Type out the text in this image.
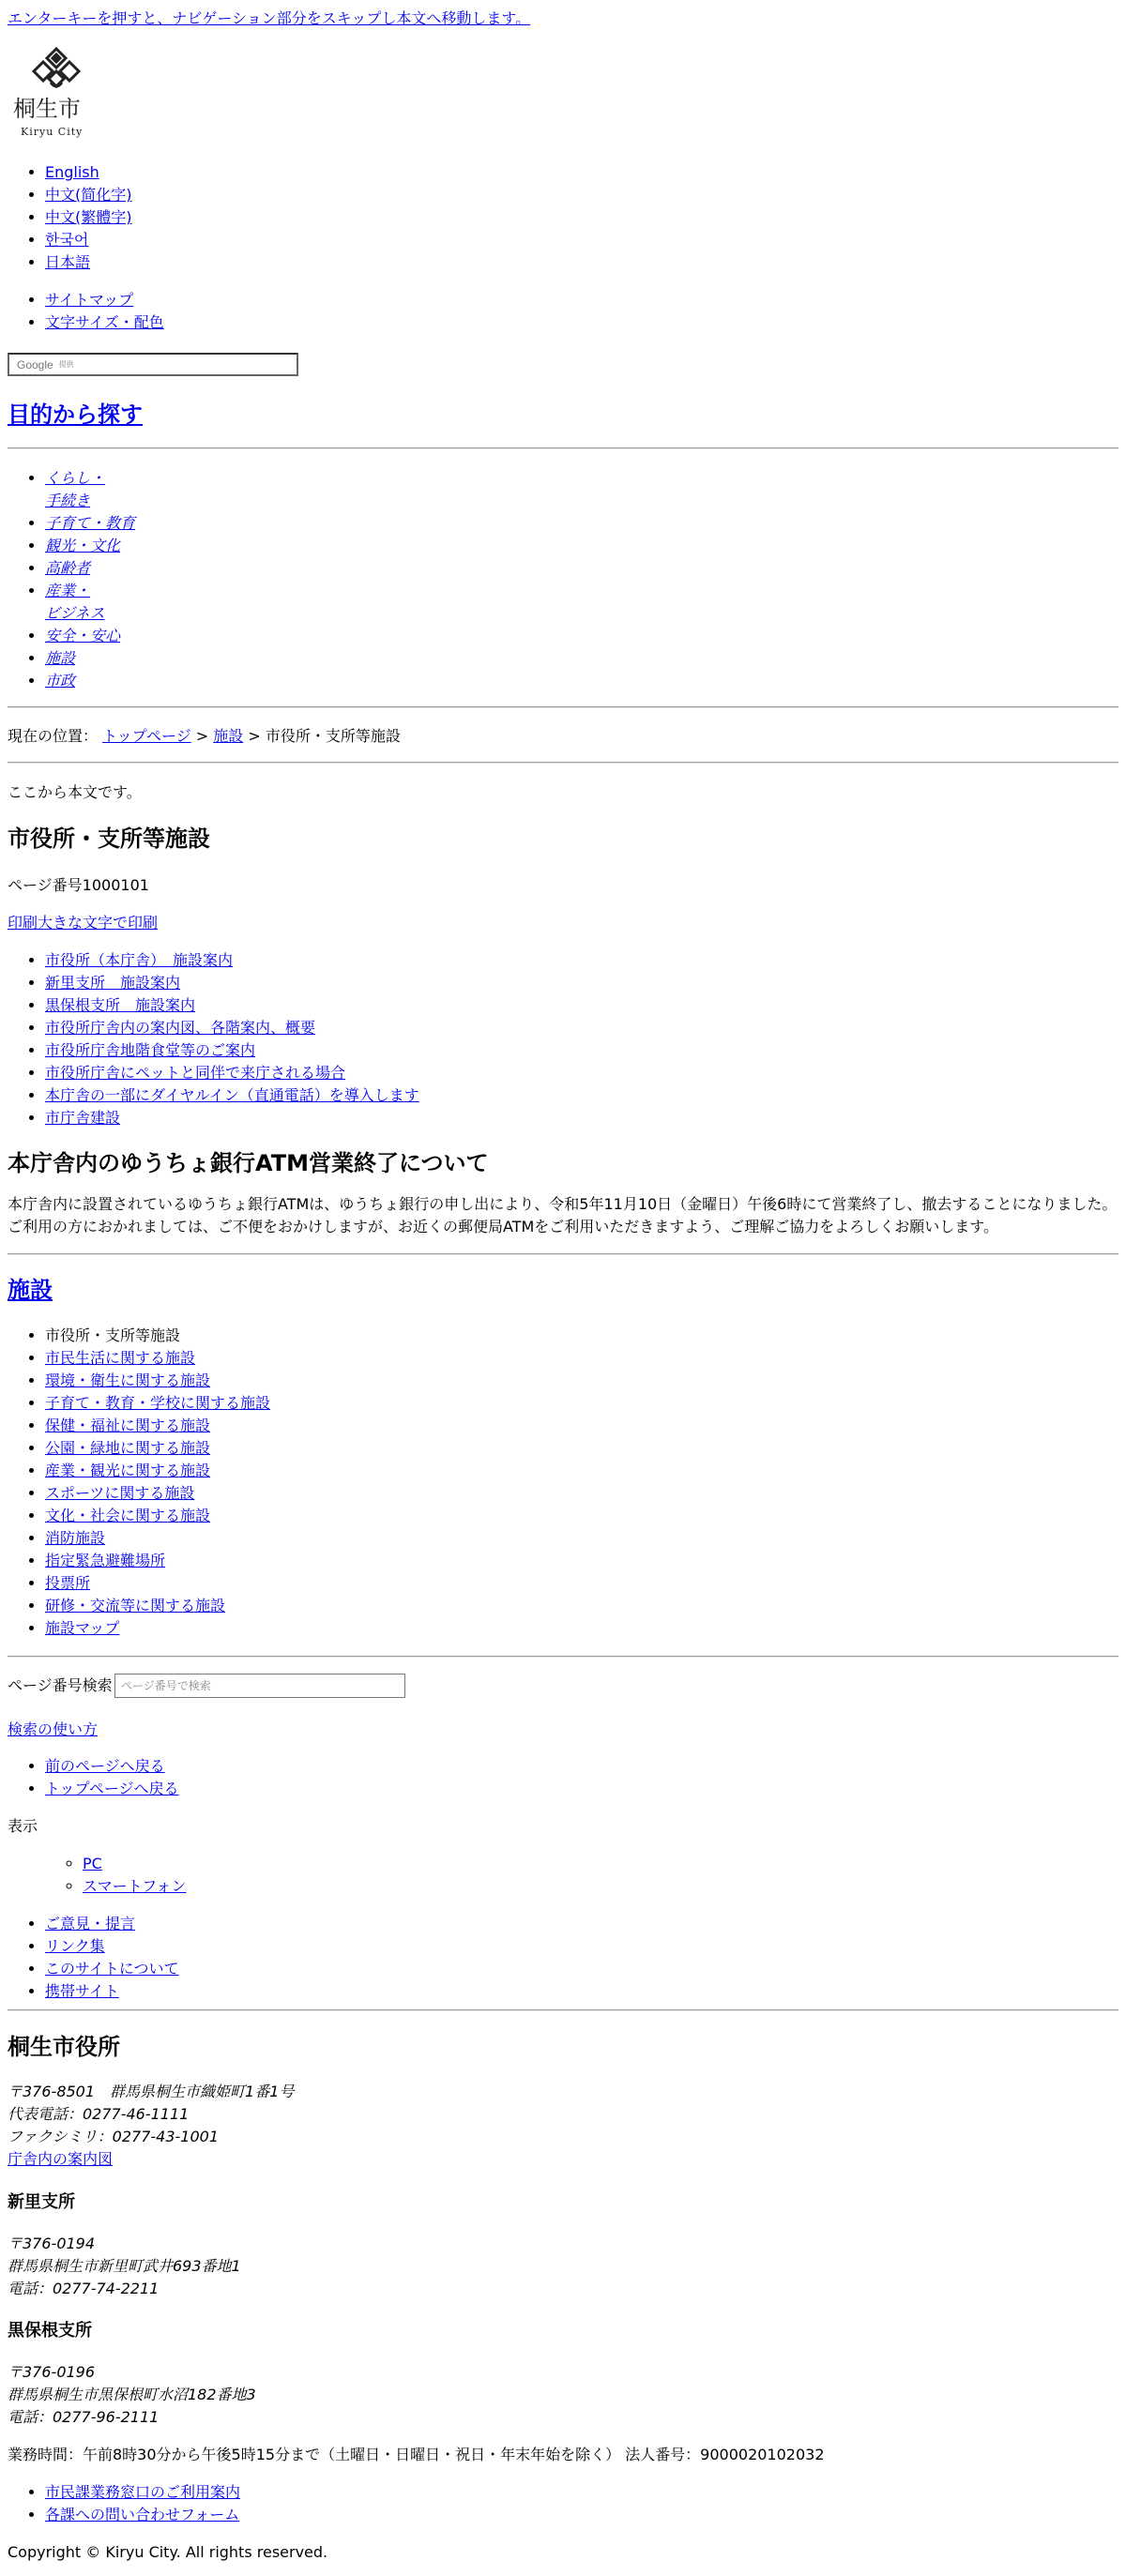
エンターキーを押すと、ナビゲーション部分をスキップし本文へ移動します。
桐生市
Kiryu City
• English
• 中文(简化字)
• 中文(繁體字)
• 한국어
• 日本語
• サイトマップ
• 文字サイズ・配色
Google 提供
目的から探す
• くらし・
手続き
• 子育て・教育
• 観光・文化
• 高齢者
• 産業・
ビジネス
• 安全・安心
• 施設
• 市政
現在の位置： トップページ > 施設 > 市役所・支所等施設
ここから本文です。
市役所・支所等施設
ページ番号1000101
印刷大きな文字で印刷
• 市役所（本庁舎）　施設案内
• 新里支所　施設案内
• 黒保根支所　施設案内
• 市役所庁舎内の案内図、各階案内、概要
• 市役所庁舎地階食堂等のご案内
• 市役所庁舎にペットと同伴で来庁される場合
• 本庁舎の一部にダイヤルイン（直通電話）を導入します
• 市庁舎建設
本庁舎内のゆうちょ銀行ATM営業終了について

本庁舎内に設置されているゆうちょ銀行ATMは、ゆうちょ銀行の申し出により、令和5年11月10日（金曜日）午後6時にて営業終了し、撤去することになりました。

ご利用の方におかれましては、ご不便をおかけしますが、お近くの郵便局ATMをご利用いただきますよう、ご理解ご協力をよろしくお願いします。

施設
• 市役所・支所等施設
• 市民生活に関する施設
• 環境・衛生に関する施設
• 子育て・教育・学校に関する施設
• 保健・福祉に関する施設
• 公園・緑地に関する施設
• 産業・観光に関する施設
• スポーツに関する施設
• 文化・社会に関する施設
• 消防施設
• 指定緊急避難場所
• 投票所
• 研修・交流等に関する施設
• 施設マップ
ページ番号検索
ページ番号で検索
検索の使い方
• 前のページへ戻る
• トップページへ戻る
表示
◦ PC
◦ スマートフォン
• ご意見・提言
• リンク集
• このサイトについて
• 携帯サイト
桐生市役所
〒376-8501　群馬県桐生市織姫町1番1号
代表電話：0277-46-1111
ファクシミリ：0277-43-1001
庁舎内の案内図
新里支所
〒376-0194
群馬県桐生市新里町武井693番地1
電話：0277-74-2211
黒保根支所
〒376-0196
群馬県桐生市黒保根町水沼182番地3
電話：0277-96-2111
業務時間：午前8時30分から午後5時15分まで（土曜日・日曜日・祝日・年末年始を除く） 法人番号：9000020102032
• 市民課業務窓口のご利用案内
• 各課への問い合わせフォーム
Copyright © Kiryu City. All rights reserved.
